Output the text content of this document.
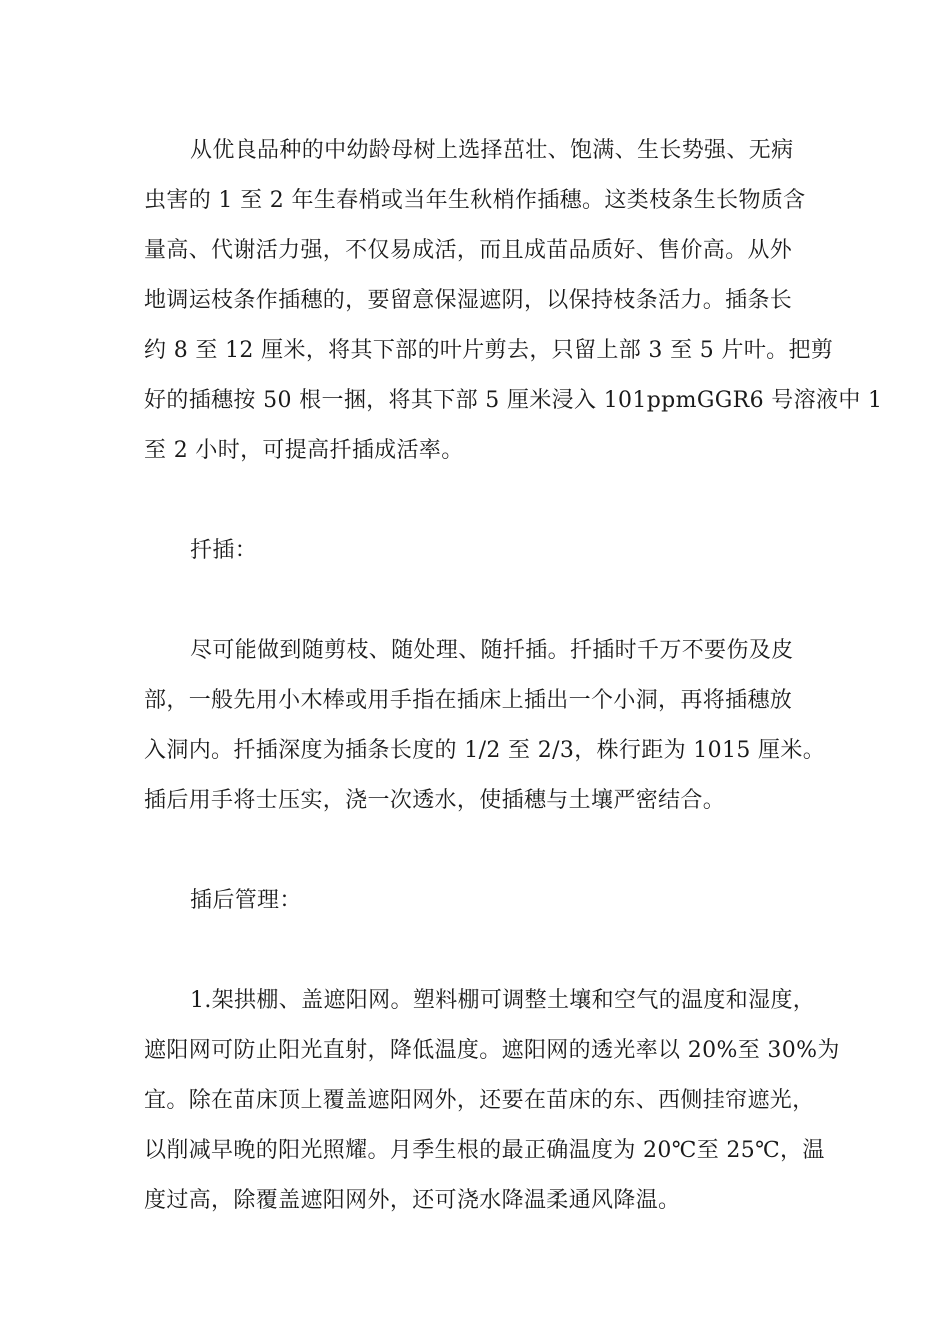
从优良品种的中幼龄母树上选择茁壮、饱满、生长势强、无病
虫害的 1 至 2 年生春梢或当年生秋梢作插穗。这类枝条生长物质含
量高、代谢活力强，不仅易成活，而且成苗品质好、售价高。从外
地调运枝条作插穗的，要留意保湿遮阴，以保持枝条活力。插条长
约 8 至 12 厘米，将其下部的叶片剪去，只留上部 3 至 5 片叶。把剪
好的插穗按 50 根一捆，将其下部 5 厘米浸入 101ppmGGR6 号溶液中 1
至 2 小时，可提高扦插成活率。
扦插：
尽可能做到随剪枝、随处理、随扦插。扦插时千万不要伤及皮
部，一般先用小木棒或用手指在插床上插出一个小洞，再将插穗放
入洞内。扦插深度为插条长度的 1/2 至 2/3，株行距为 1015 厘米。
插后用手将士压实，浇一次透水，使插穗与土壤严密结合。
插后管理：
1.架拱棚、盖遮阳网。塑料棚可调整土壤和空气的温度和湿度，
遮阳网可防止阳光直射，降低温度。遮阳网的透光率以 20%至 30%为
宜。除在苗床顶上覆盖遮阳网外，还要在苗床的东、西侧挂帘遮光，
以削减早晚的阳光照耀。月季生根的最正确温度为 20℃至 25℃，温
度过高，除覆盖遮阳网外，还可浇水降温柔通风降温。
